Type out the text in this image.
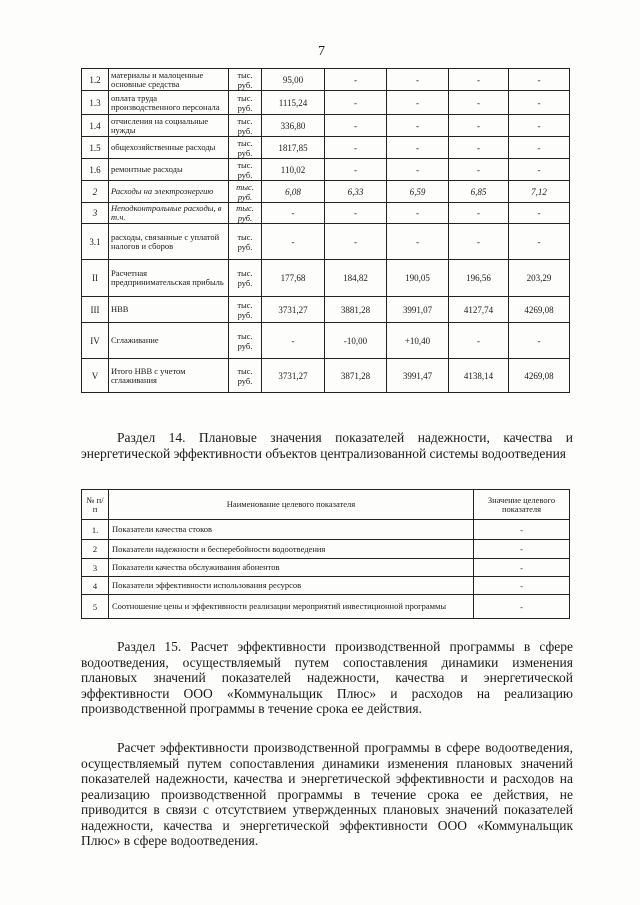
7
1.2	материалы и малоценные основные средства	тыс. руб.	95,00	-	-	-	-
1.3	оплата труда производственного персонала	тыс. руб.	1115,24	-	-	-	-
1.4	отчисления на социальные нужды	тыс. руб.	336,80	-	-	-	-
1.5	общехозяйственные расходы	тыс. руб.	1817,85	-	-	-	-
1.6	ремонтные расходы	тыс. руб.	110,02	-	-	-	-
2	Расходы на электроэнергию	тыс. руб.	6,08	6,33	6,59	6,85	7,12
3	Неподконтрольные расходы, в т.ч.	тыс. руб.	-	-	-	-	-
3.1	расходы, связанные с уплатой налогов и сборов	тыс. руб.	-	-	-	-	-
II	Расчетная предпринимательская прибыль	тыс. руб.	177,68	184,82	190,05	196,56	203,29
III	НВВ	тыс. руб.	3731,27	3881,28	3991,07	4127,74	4269,08
IV	Сглаживание	тыс. руб.	-	-10,00	+10,40	-	-
V	Итого НВВ с учетом сглаживания	тыс. руб.	3731,27	3871,28	3991,47	4138,14	4269,08

Раздел 14. Плановые значения показателей надежности, качества и энергетической эффективности объектов централизованной системы водоотведения

№ п/п	Наименование целевого показателя	Значение целевого показателя
1.	Показатели качества стоков	-
2	Показатели надежности и бесперебойности водоотведения	-
3	Показатели качества обслуживания абонентов	-
4	Показатели эффективности использования ресурсов	-
5	Соотношение цены и эффективности реализации мероприятий инвестиционной программы	-

Раздел 15. Расчет эффективности производственной программы в сфере водоотведения, осуществляемый путем сопоставления динамики изменения плановых значений показателей надежности, качества и энергетической эффективности ООО «Коммунальщик Плюс» и расходов на реализацию производственной программы в течение срока ее действия.

Расчет эффективности производственной программы в сфере водоотведения, осуществляемый путем сопоставления динамики изменения плановых значений показателей надежности, качества и энергетической эффективности и расходов на реализацию производственной программы в течение срока ее действия, не приводится в связи с отсутствием утвержденных плановых значений показателей надежности, качества и энергетической эффективности ООО «Коммунальщик Плюс» в сфере водоотведения.
